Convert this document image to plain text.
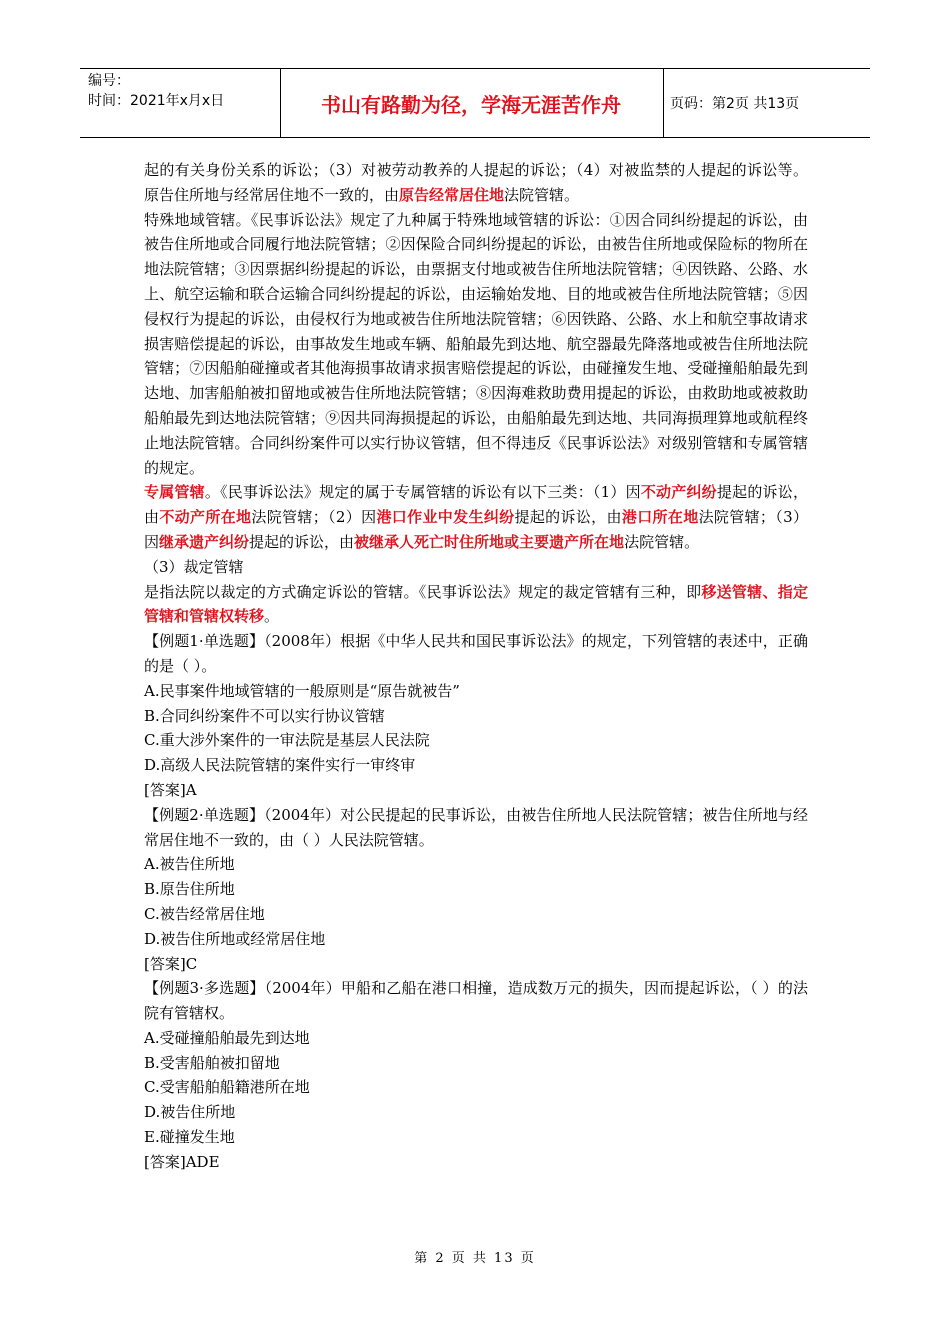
编号：
时间：2021年x月x日	书山有路勤为径，学海无涯苦作舟	页码：第2页 共13页

起的有关身份关系的诉讼；（3）对被劳动教养的人提起的诉讼；（4）对被监禁的人提起的诉讼等。原告住所地与经常居住地不一致的，由原告经常居住地法院管辖。

特殊地域管辖。《民事诉讼法》规定了九种属于特殊地域管辖的诉讼：①因合同纠纷提起的诉讼，由被告住所地或合同履行地法院管辖；②因保险合同纠纷提起的诉讼，由被告住所地或保险标的物所在地法院管辖；③因票据纠纷提起的诉讼，由票据支付地或被告住所地法院管辖；④因铁路、公路、水上、航空运输和联合运输合同纠纷提起的诉讼，由运输始发地、目的地或被告住所地法院管辖；⑤因侵权行为提起的诉讼，由侵权行为地或被告住所地法院管辖；⑥因铁路、公路、水上和航空事故请求损害赔偿提起的诉讼，由事故发生地或车辆、船舶最先到达地、航空器最先降落地或被告住所地法院管辖；⑦因船舶碰撞或者其他海损事故请求损害赔偿提起的诉讼，由碰撞发生地、受碰撞船舶最先到达地、加害船舶被扣留地或被告住所地法院管辖；⑧因海难救助费用提起的诉讼，由救助地或被救助船舶最先到达地法院管辖；⑨因共同海损提起的诉讼，由船舶最先到达地、共同海损理算地或航程终止地法院管辖。合同纠纷案件可以实行协议管辖，但不得违反《民事诉讼法》对级别管辖和专属管辖的规定。

专属管辖。《民事诉讼法》规定的属于专属管辖的诉讼有以下三类：（1）因不动产纠纷提起的诉讼，由不动产所在地法院管辖；（2）因港口作业中发生纠纷提起的诉讼，由港口所在地法院管辖；（3）因继承遗产纠纷提起的诉讼，由被继承人死亡时住所地或主要遗产所在地法院管辖。

（3）裁定管辖

是指法院以裁定的方式确定诉讼的管辖。《民事诉讼法》规定的裁定管辖有三种，即移送管辖、指定管辖和管辖权转移。

【例题1·单选题】（2008年）根据《中华人民共和国民事诉讼法》的规定，下列管辖的表述中，正确的是（ ）。

A.民事案件地域管辖的一般原则是“原告就被告”

B.合同纠纷案件不可以实行协议管辖

C.重大涉外案件的一审法院是基层人民法院

D.高级人民法院管辖的案件实行一审终审

[答案]A

【例题2·单选题】（2004年）对公民提起的民事诉讼，由被告住所地人民法院管辖；被告住所地与经常居住地不一致的，由（ ）人民法院管辖。

A.被告住所地

B.原告住所地

C.被告经常居住地

D.被告住所地或经常居住地

[答案]C

【例题3·多选题】（2004年）甲船和乙船在港口相撞，造成数万元的损失，因而提起诉讼，（ ）的法院有管辖权。

A.受碰撞船舶最先到达地

B.受害船舶被扣留地

C.受害船舶船籍港所在地

D.被告住所地

E.碰撞发生地

[答案]ADE

第 2 页 共 13 页
